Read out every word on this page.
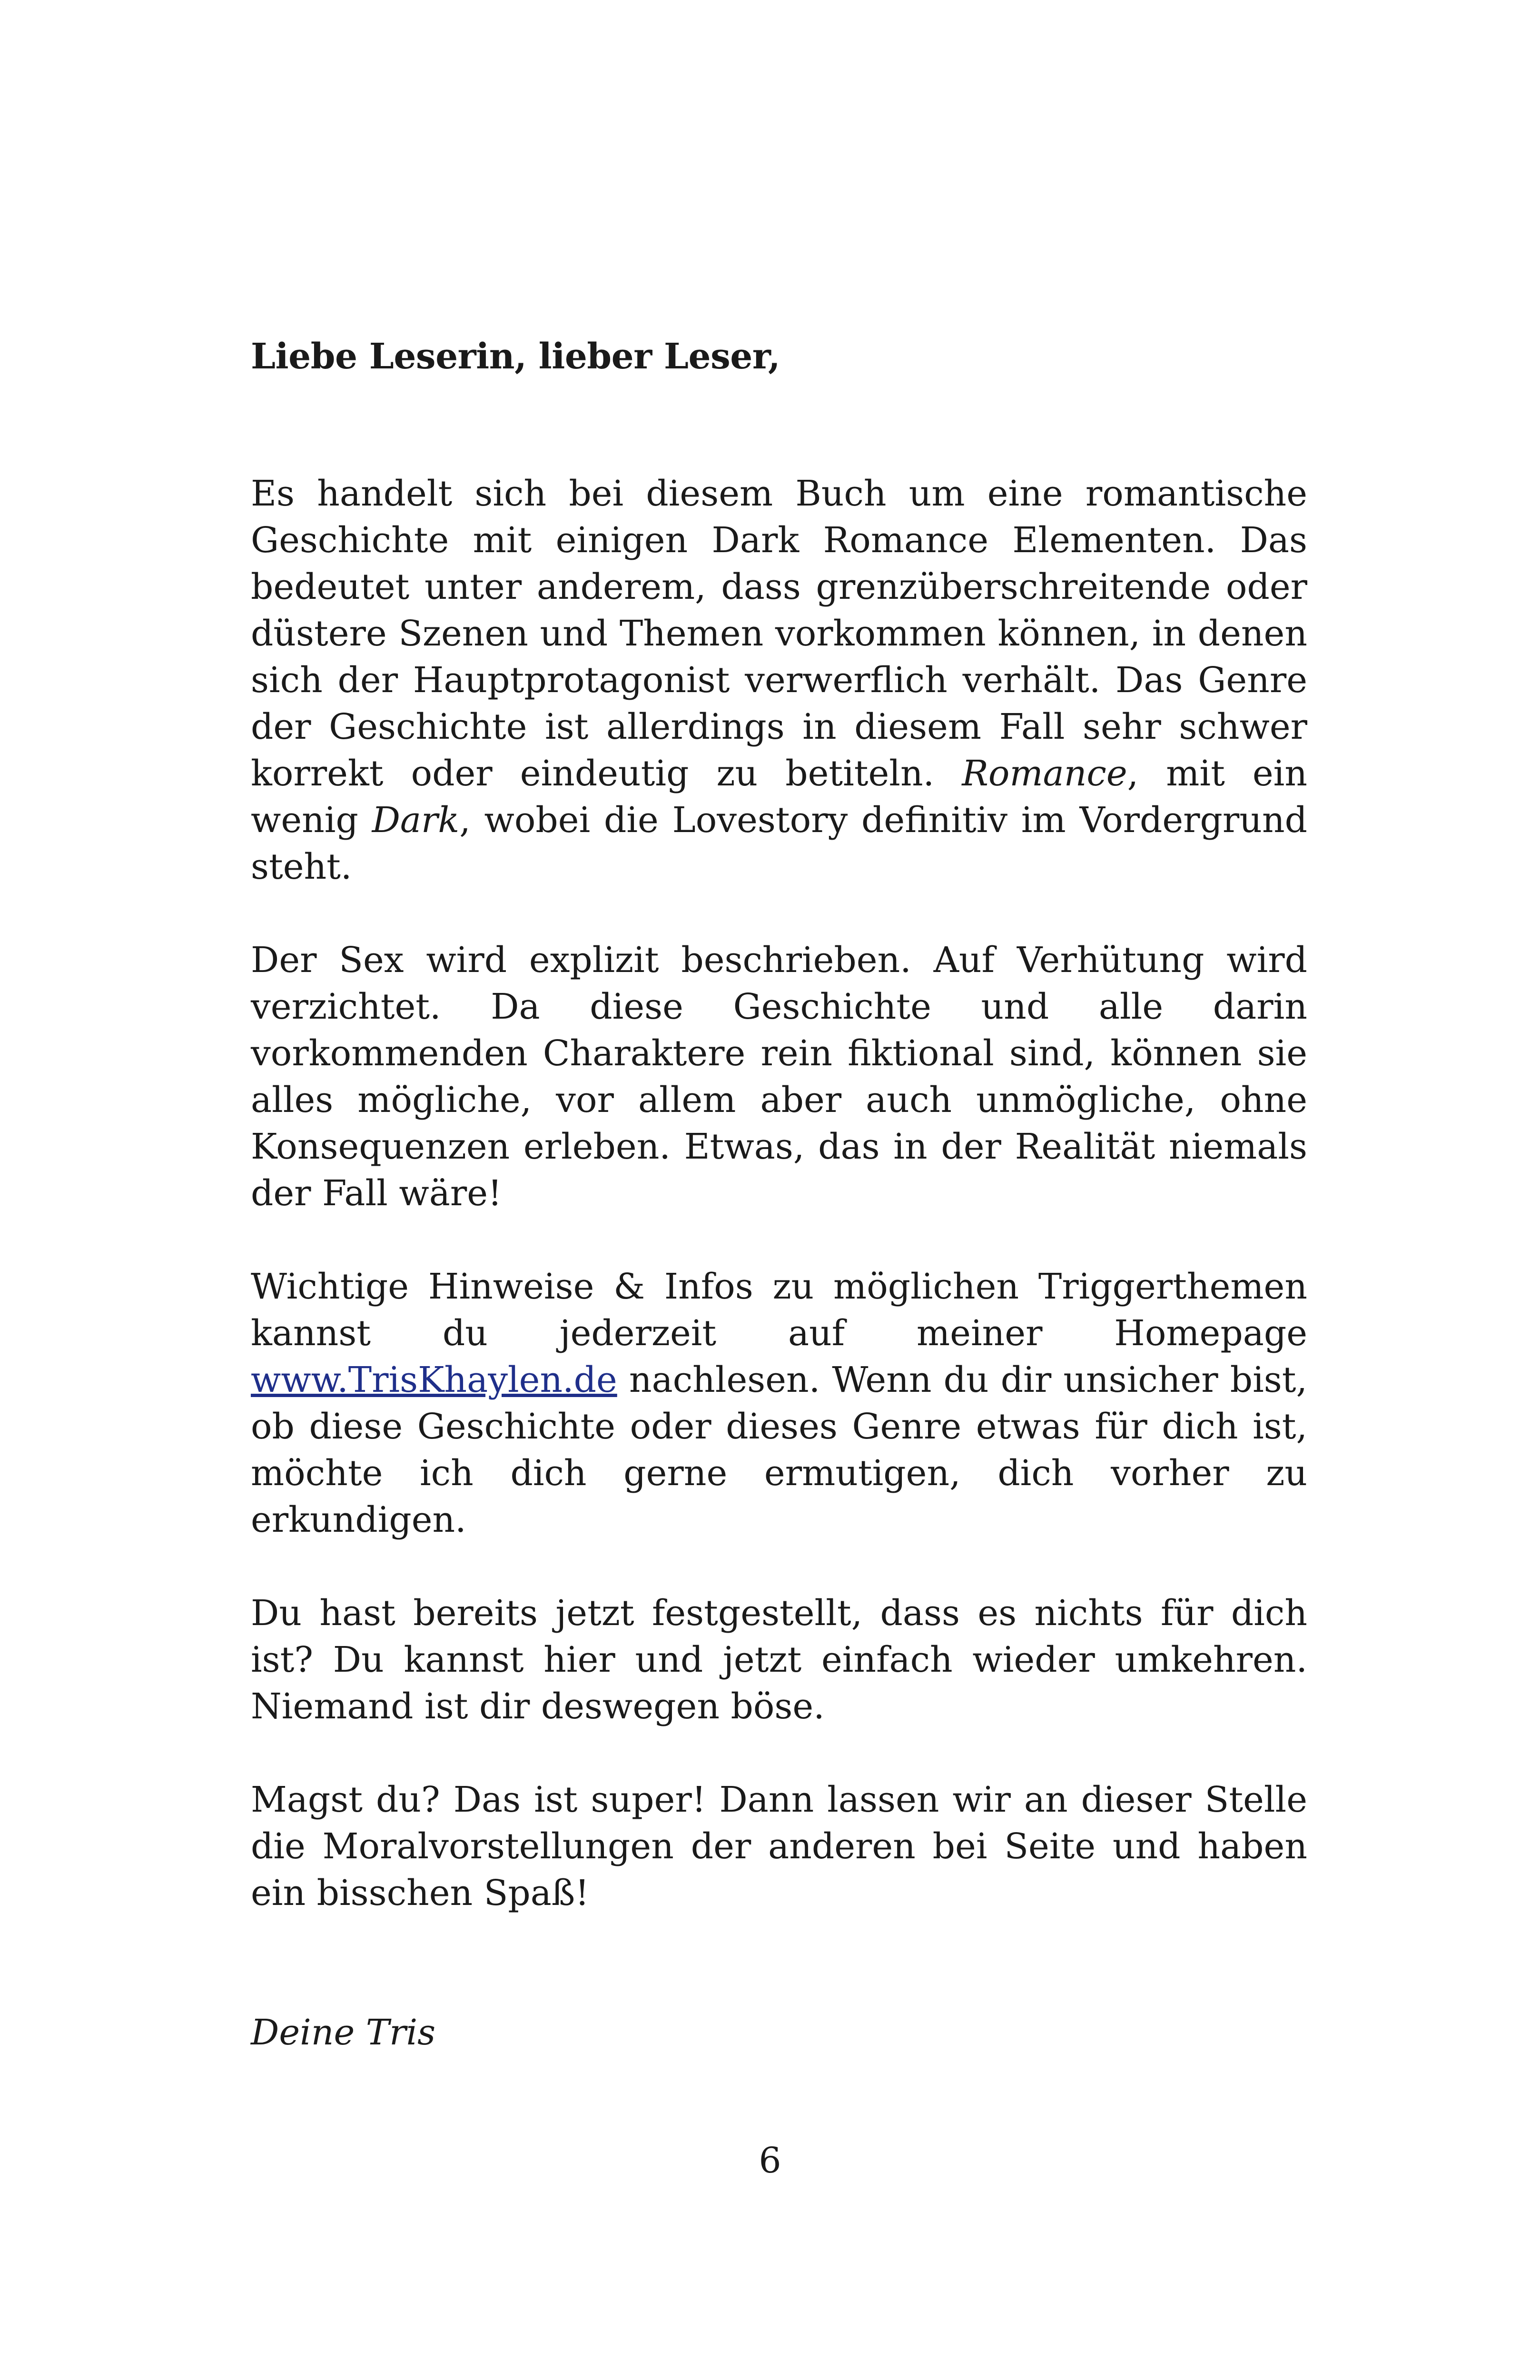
Liebe Leserin, lieber Leser,

Es handelt sich bei diesem Buch um eine romantische Geschichte mit einigen Dark Romance Elementen. Das bedeutet unter anderem, dass grenzüberschreitende oder düstere Szenen und Themen vorkommen können, in denen sich der Hauptprotagonist verwerflich verhält. Das Genre der Geschichte ist allerdings in diesem Fall sehr schwer korrekt oder eindeutig zu betiteln. Romance, mit ein wenig Dark, wobei die Lovestory definitiv im Vordergrund steht.

Der Sex wird explizit beschrieben. Auf Verhütung wird verzichtet. Da diese Geschichte und alle darin vorkommenden Charaktere rein fiktional sind, können sie alles mögliche, vor allem aber auch unmögliche, ohne Konsequenzen erleben. Etwas, das in der Realität niemals der Fall wäre!

Wichtige Hinweise & Infos zu möglichen Triggerthemen kannst du jederzeit auf meiner Homepage www.TrisKhaylen.de nachlesen. Wenn du dir unsicher bist, ob diese Geschichte oder dieses Genre etwas für dich ist, möchte ich dich gerne ermutigen, dich vorher zu erkundigen.

Du hast bereits jetzt festgestellt, dass es nichts für dich ist? Du kannst hier und jetzt einfach wieder umkehren. Niemand ist dir deswegen böse.

Magst du? Das ist super! Dann lassen wir an dieser Stelle die Moralvorstellungen der anderen bei Seite und haben ein bisschen Spaß!

Deine Tris

6
